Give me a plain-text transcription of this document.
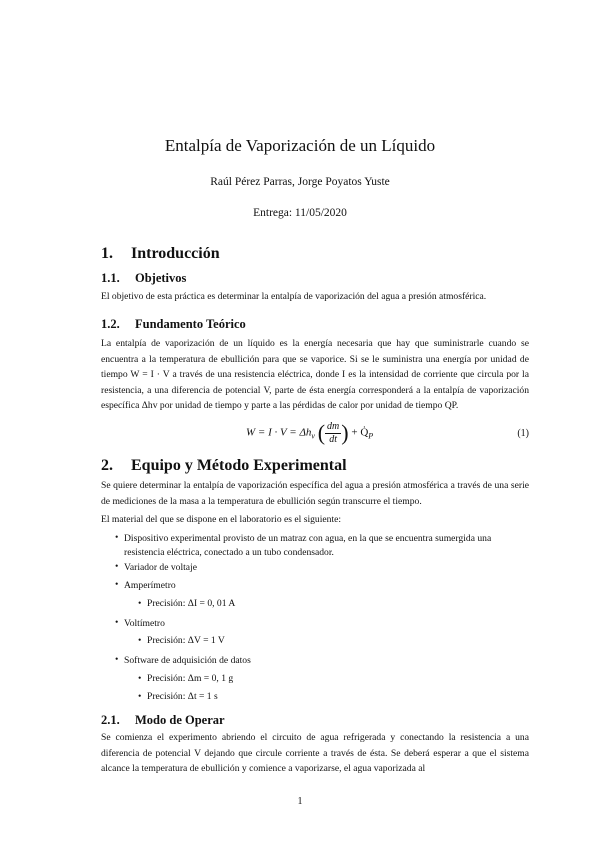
Entalpía de Vaporización de un Líquido
Raúl Pérez Parras, Jorge Poyatos Yuste
Entrega: 11/05/2020
1. Introducción
1.1. Objetivos
El objetivo de esta práctica es determinar la entalpía de vaporización del agua a presión atmosférica.
1.2. Fundamento Teórico
La entalpía de vaporización de un líquido es la energía necesaria que hay que suministrarle cuando se encuentra a la temperatura de ebullición para que se vaporice. Si se le suministra una energía por unidad de tiempo W = I · V a través de una resistencia eléctrica, donde I es la intensidad de corriente que circula por la resistencia, a una diferencia de potencial V, parte de ésta energía corresponderá a la entalpía de vaporización específica Δhv por unidad de tiempo y parte a las pérdidas de calor por unidad de tiempo QP.
$W = I \cdot V = \Delta h_v$ ( $\frac{dm}{dt}$ ) + $Q̇_P$	(1)
2. Equipo y Método Experimental
Se quiere determinar la entalpía de vaporización específica del agua a presión atmosférica a través de una serie de mediciones de la masa a la temperatura de ebullición según transcurre el tiempo.
El material del que se dispone en el laboratorio es el siguiente:
• Dispositivo experimental provisto de un matraz con agua, en la que se encuentra sumergida una resistencia eléctrica, conectado a un tubo condensador.
• Variador de voltaje
• Amperímetro
• Precisión: ΔI = 0, 01 A
• Voltímetro
• Precisión: ΔV = 1 V
• Software de adquisición de datos
• Precisión: Δm = 0, 1 g
• Precisión: Δt = 1 s
2.1. Modo de Operar
Se comienza el experimento abriendo el circuito de agua refrigerada y conectando la resistencia a una diferencia de potencial V dejando que circule corriente a través de ésta. Se deberá esperar a que el sistema alcance la temperatura de ebullición y comience a vaporizarse, el agua vaporizada al
1
